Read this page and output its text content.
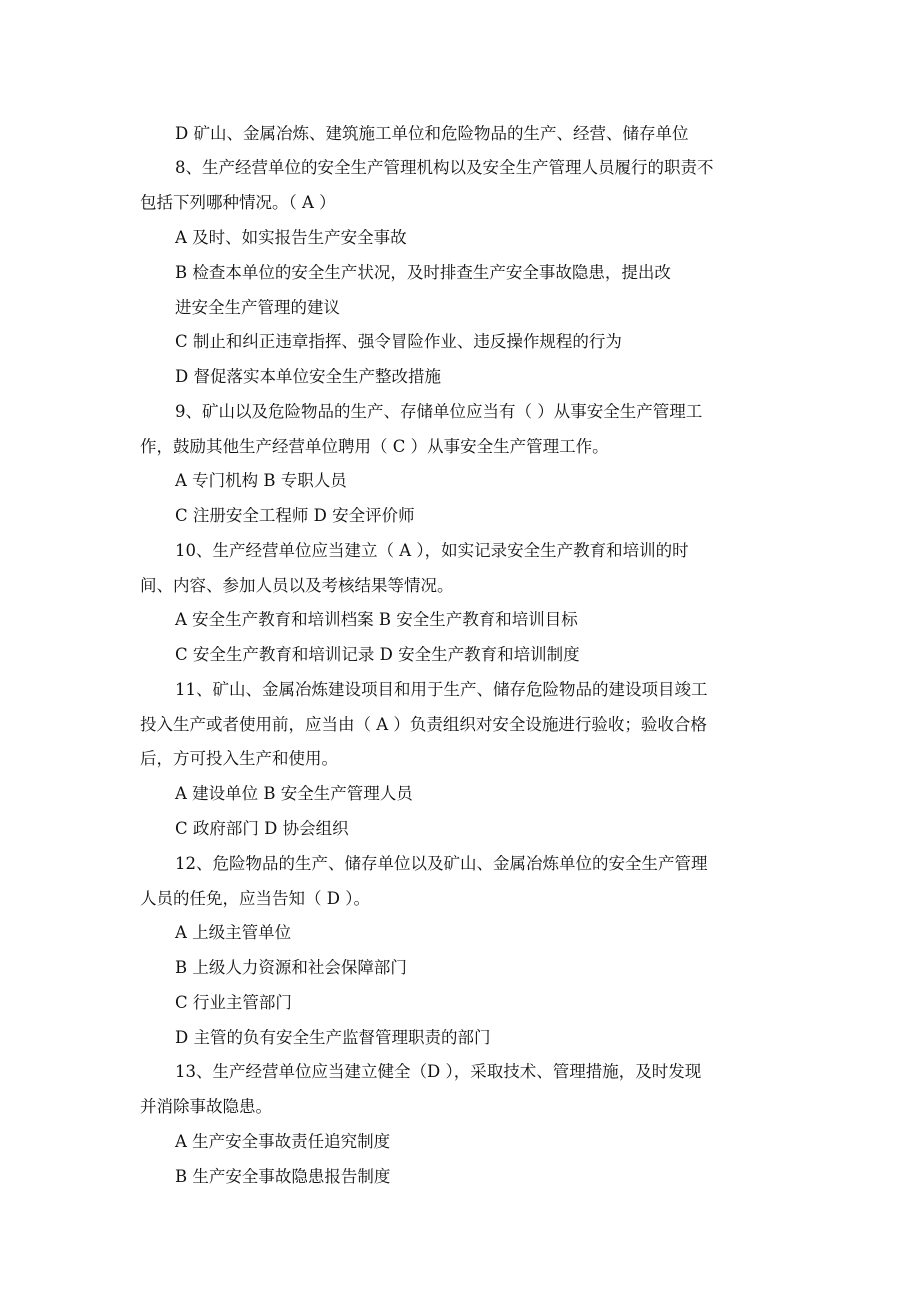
D 矿山、金属冶炼、建筑施工单位和危险物品的生产、经营、储存单位

8、生产经营单位的安全生产管理机构以及安全生产管理人员履行的职责不

包括下列哪种情况。（ A ）

A 及时、如实报告生产安全事故

B 检查本单位的安全生产状况，及时排查生产安全事故隐患，提出改

进安全生产管理的建议

C 制止和纠正违章指挥、强令冒险作业、违反操作规程的行为

D 督促落实本单位安全生产整改措施

9、矿山以及危险物品的生产、存储单位应当有（ ）从事安全生产管理工

作，鼓励其他生产经营单位聘用（ C ）从事安全生产管理工作。

A 专门机构 B 专职人员

C 注册安全工程师 D 安全评价师

10、生产经营单位应当建立（ A ），如实记录安全生产教育和培训的时

间、内容、参加人员以及考核结果等情况。

A 安全生产教育和培训档案 B 安全生产教育和培训目标

C 安全生产教育和培训记录 D 安全生产教育和培训制度

11、矿山、金属冶炼建设项目和用于生产、储存危险物品的建设项目竣工

投入生产或者使用前，应当由（ A ）负责组织对安全设施进行验收；验收合格

后，方可投入生产和使用。

A 建设单位 B 安全生产管理人员

C 政府部门 D 协会组织

12、危险物品的生产、储存单位以及矿山、金属冶炼单位的安全生产管理

人员的任免，应当告知（ D ）。

A 上级主管单位

B 上级人力资源和社会保障部门

C 行业主管部门

D 主管的负有安全生产监督管理职责的部门

13、生产经营单位应当建立健全（D ），采取技术、管理措施，及时发现

并消除事故隐患。

A 生产安全事故责任追究制度

B 生产安全事故隐患报告制度
